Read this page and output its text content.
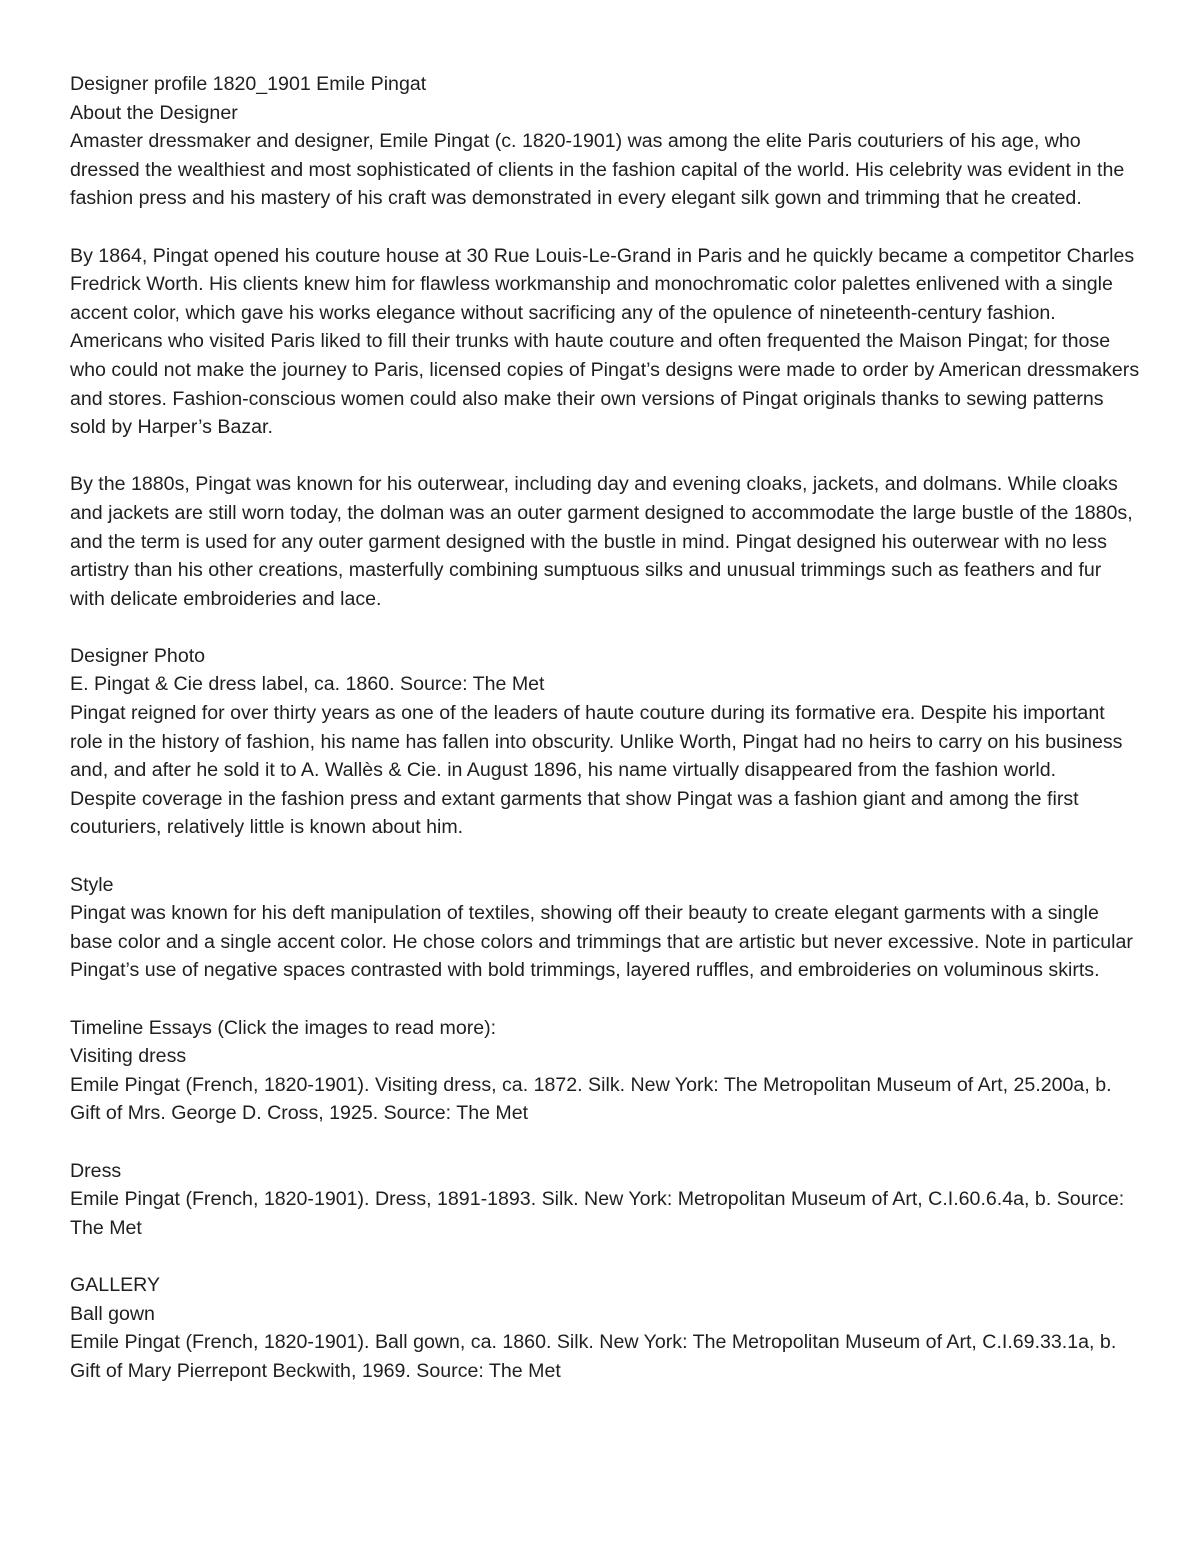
Designer profile 1820_1901 Emile Pingat

About the Designer

Amaster dressmaker and designer, Emile Pingat (c. 1820-1901) was among the elite Paris couturiers of his age, who dressed the wealthiest and most sophisticated of clients in the fashion capital of the world. His celebrity was evident in the fashion press and his mastery of his craft was demonstrated in every elegant silk gown and trimming that he created.

By 1864, Pingat opened his couture house at 30 Rue Louis-Le-Grand in Paris and he quickly became a competitor Charles Fredrick Worth. His clients knew him for flawless workmanship and monochromatic color palettes enlivened with a single accent color, which gave his works elegance without sacrificing any of the opulence of nineteenth-century fashion. Americans who visited Paris liked to fill their trunks with haute couture and often frequented the Maison Pingat; for those who could not make the journey to Paris, licensed copies of Pingat’s designs were made to order by American dressmakers and stores. Fashion-conscious women could also make their own versions of Pingat originals thanks to sewing patterns sold by Harper’s Bazar.

By the 1880s, Pingat was known for his outerwear, including day and evening cloaks, jackets, and dolmans. While cloaks and jackets are still worn today, the dolman was an outer garment designed to accommodate the large bustle of the 1880s, and the term is used for any outer garment designed with the bustle in mind. Pingat designed his outerwear with no less artistry than his other creations, masterfully combining sumptuous silks and unusual trimmings such as feathers and fur with delicate embroideries and lace.

Designer Photo

E. Pingat & Cie dress label, ca. 1860. Source: The Met

Pingat reigned for over thirty years as one of the leaders of haute couture during its formative era. Despite his important role in the history of fashion, his name has fallen into obscurity. Unlike Worth, Pingat had no heirs to carry on his business and, and after he sold it to A. Wallès & Cie. in August 1896, his name virtually disappeared from the fashion world.

Despite coverage in the fashion press and extant garments that show Pingat was a fashion giant and among the first couturiers, relatively little is known about him.

Style

Pingat was known for his deft manipulation of textiles, showing off their beauty to create elegant garments with a single base color and a single accent color. He chose colors and trimmings that are artistic but never excessive. Note in particular Pingat’s use of negative spaces contrasted with bold trimmings, layered ruffles, and embroideries on voluminous skirts.

Timeline Essays (Click the images to read more):

Visiting dress

Emile Pingat (French, 1820-1901). Visiting dress, ca. 1872. Silk. New York: The Metropolitan Museum of Art, 25.200a, b. Gift of Mrs. George D. Cross, 1925. Source: The Met

Dress

Emile Pingat (French, 1820-1901). Dress, 1891-1893. Silk. New York: Metropolitan Museum of Art, C.I.60.6.4a, b. Source: The Met

GALLERY

Ball gown

Emile Pingat (French, 1820-1901). Ball gown, ca. 1860. Silk. New York: The Metropolitan Museum of Art, C.I.69.33.1a, b. Gift of Mary Pierrepont Beckwith, 1969. Source: The Met
